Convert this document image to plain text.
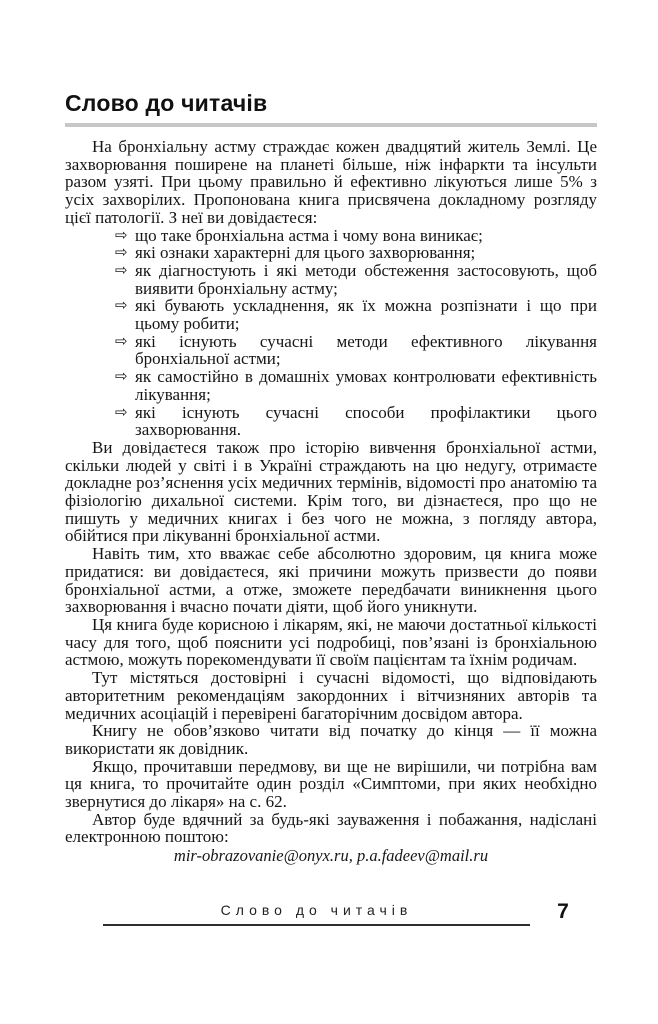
Слово до читачів

На бронхіальну астму страждає кожен двадцятий житель Землі. Це захворювання поширене на планеті більше, ніж інфаркти та інсульти разом узяті. При цьому правильно й ефективно лікуються лише 5% з усіх захворілих. Пропонована книга присвячена докладному розгляду цієї патології. З неї ви довідаєтеся:

⇨ що таке бронхіальна астма і чому вона виникає;
⇨ які ознаки характерні для цього захворювання;
⇨ як діагностують і які методи обстеження застосовують, щоб виявити бронхіальну астму;
⇨ які бувають ускладнення, як їх можна розпізнати і що при цьому робити;
⇨ які існують сучасні методи ефективного лікування бронхіальної астми;
⇨ як самостійно в домашніх умовах контролювати ефективність лікування;
⇨ які існують сучасні способи профілактики цього захворювання.

Ви довідаєтеся також про історію вивчення бронхіальної астми, скільки людей у світі і в Україні страждають на цю недугу, отримаєте докладне роз’яснення усіх медичних термінів, відомості про анатомію та фізіологію дихальної системи. Крім того, ви дізнаєтеся, про що не пишуть у медичних книгах і без чого не можна, з погляду автора, обійтися при лікуванні бронхіальної астми.

Навіть тим, хто вважає себе абсолютно здоровим, ця книга може придатися: ви довідаєтеся, які причини можуть призвести до появи бронхіальної астми, а отже, зможете передбачати виникнення цього захворювання і вчасно почати діяти, щоб його уникнути.

Ця книга буде корисною і лікарям, які, не маючи достатньої кількості часу для того, щоб пояснити усі подробиці, пов’язані із бронхіальною астмою, можуть порекомендувати її своїм пацієнтам та їхнім родичам.

Тут містяться достовірні і сучасні відомості, що відповідають авторитетним рекомендаціям закордонних і вітчизняних авторів та медичних асоціацій і перевірені багаторічним досвідом автора.

Книгу не обов’язково читати від початку до кінця — її можна використати як довідник.

Якщо, прочитавши передмову, ви ще не вирішили, чи потрібна вам ця книга, то прочитайте один розділ «Симптоми, при яких необхідно звернутися до лікаря» на с. 62.

Автор буде вдячний за будь-які зауваження і побажання, надіслані електронною поштою:

mir-obrazovanie@onyx.ru, p.a.fadeev@mail.ru
Слово до читачів	7
